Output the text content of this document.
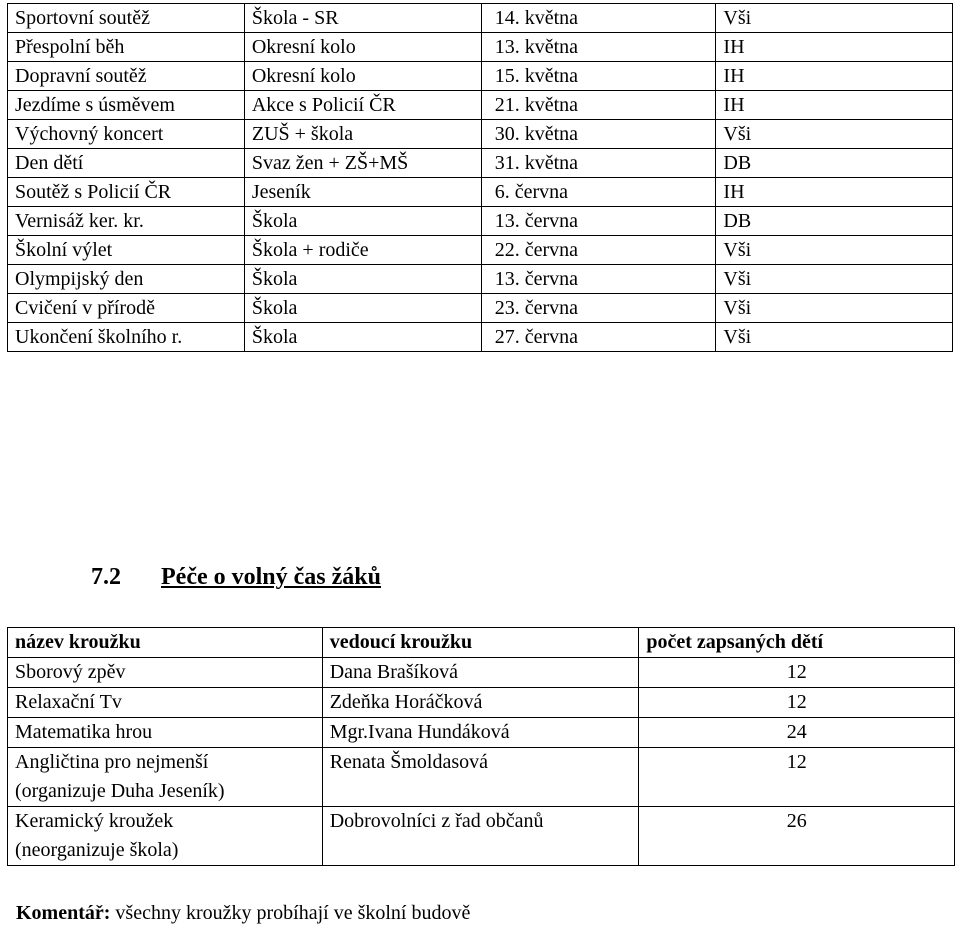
Sportovní soutěž	Škola - SR	14. května	Vši
Přespolní běh	Okresní kolo	13. května	IH
Dopravní soutěž	Okresní kolo	15. května	IH
Jezdíme s úsměvem	Akce s Policií ČR	21. května	IH
Výchovný koncert	ZUŠ + škola	30. května	Vši
Den dětí	Svaz žen + ZŠ+MŠ	31. května	DB
Soutěž s Policií ČR	Jeseník	6. června	IH
Vernisáž ker. kr.	Škola	13. června	DB
Školní výlet	Škola + rodiče	22. června	Vši
Olympijský den	Škola	13. června	Vši
Cvičení v přírodě	Škola	23. června	Vši
Ukončení školního r.	Škola	27. června	Vši
7.2 Péče o volný čas žáků
název kroužku	vedoucí kroužku	počet zapsaných dětí

Sborový zpěv	Dana Brašíková	12

Relaxační Tv	Zdeňka Horáčková	12

Matematika hrou	Mgr.Ivana Hundáková	24

Angličtina pro nejmenší
(organizuje Duha Jeseník)	Renata Šmoldasová	12

Keramický kroužek
(neorganizuje škola)	Dobrovolníci z řad občanů	26
Komentář: všechny kroužky probíhají ve školní budově
